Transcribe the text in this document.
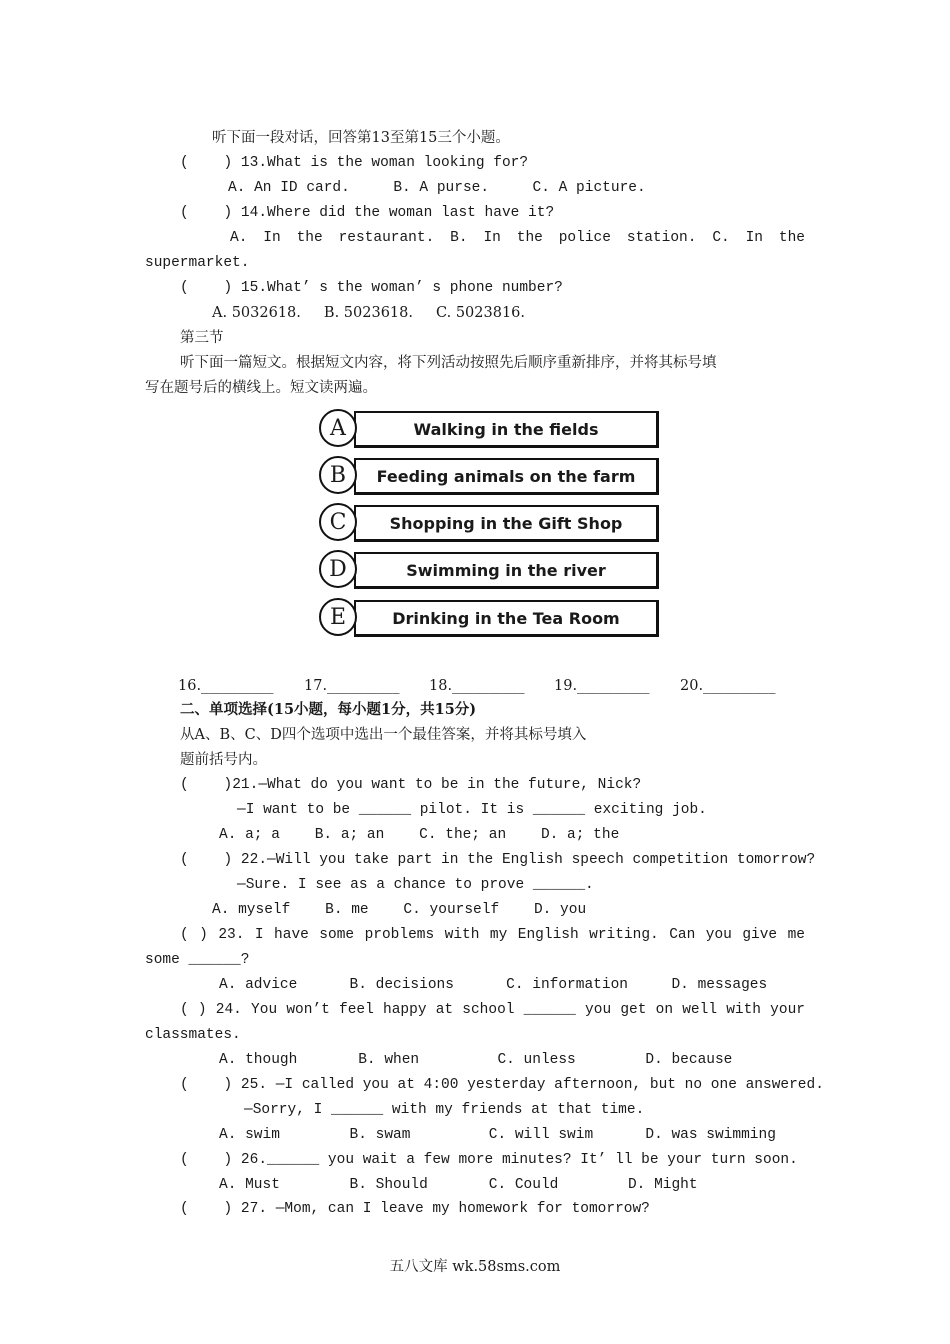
听下面一段对话，回答第13至第15三个小题。
(    ) 13.What is the woman looking for?
A. An ID card.     B. A purse.     C. A picture.
(    ) 14.Where did the woman last have it?
A. In the restaurant. B. In the police station. C. In the
supermarket.
(    ) 15.What’ s the woman’ s phone number?
A. 5032618.     B. 5023618.     C. 5023816.
第三节
听下面一篇短文。根据短文内容，将下列活动按照先后顺序重新排序，并将其标号填
写在题号后的横线上。短文读两遍。
A	Walking in the fields
B	Feeding animals on the farm
C	Shopping in the Gift Shop
D	Swimming in the river
E	Drinking in the Tea Room
16.__________ 17.__________ 18.__________ 19.__________ 20.__________
二、单项选择(15小题，每小题1分，共15分)
从A、B、C、D四个选项中选出一个最佳答案，并将其标号填入
题前括号内。
(    )21.—What do you want to be in the future, Nick?
—I want to be ______ pilot. It is ______ exciting job.
A. a; a    B. a; an    C. the; an    D. a; the
(    ) 22.—Will you take part in the English speech competition tomorrow?
—Sure. I see as a chance to prove ______.
A. myself    B. me    C. yourself    D. you
( ) 23. I have some problems with my English writing. Can you give me
some ______?
A. advice      B. decisions      C. information     D. messages
( ) 24. You won’t feel happy at school ______ you get on well with your
classmates.
A. though       B. when         C. unless        D. because
(    ) 25. —I called you at 4:00 yesterday afternoon, but no one answered.
—Sorry, I ______ with my friends at that time.
A. swim        B. swam         C. will swim      D. was swimming
(    ) 26.______ you wait a few more minutes? It’ ll be your turn soon.
A. Must        B. Should       C. Could        D. Might
(    ) 27. —Mom, can I leave my homework for tomorrow?
五八文库 wk.58sms.com
